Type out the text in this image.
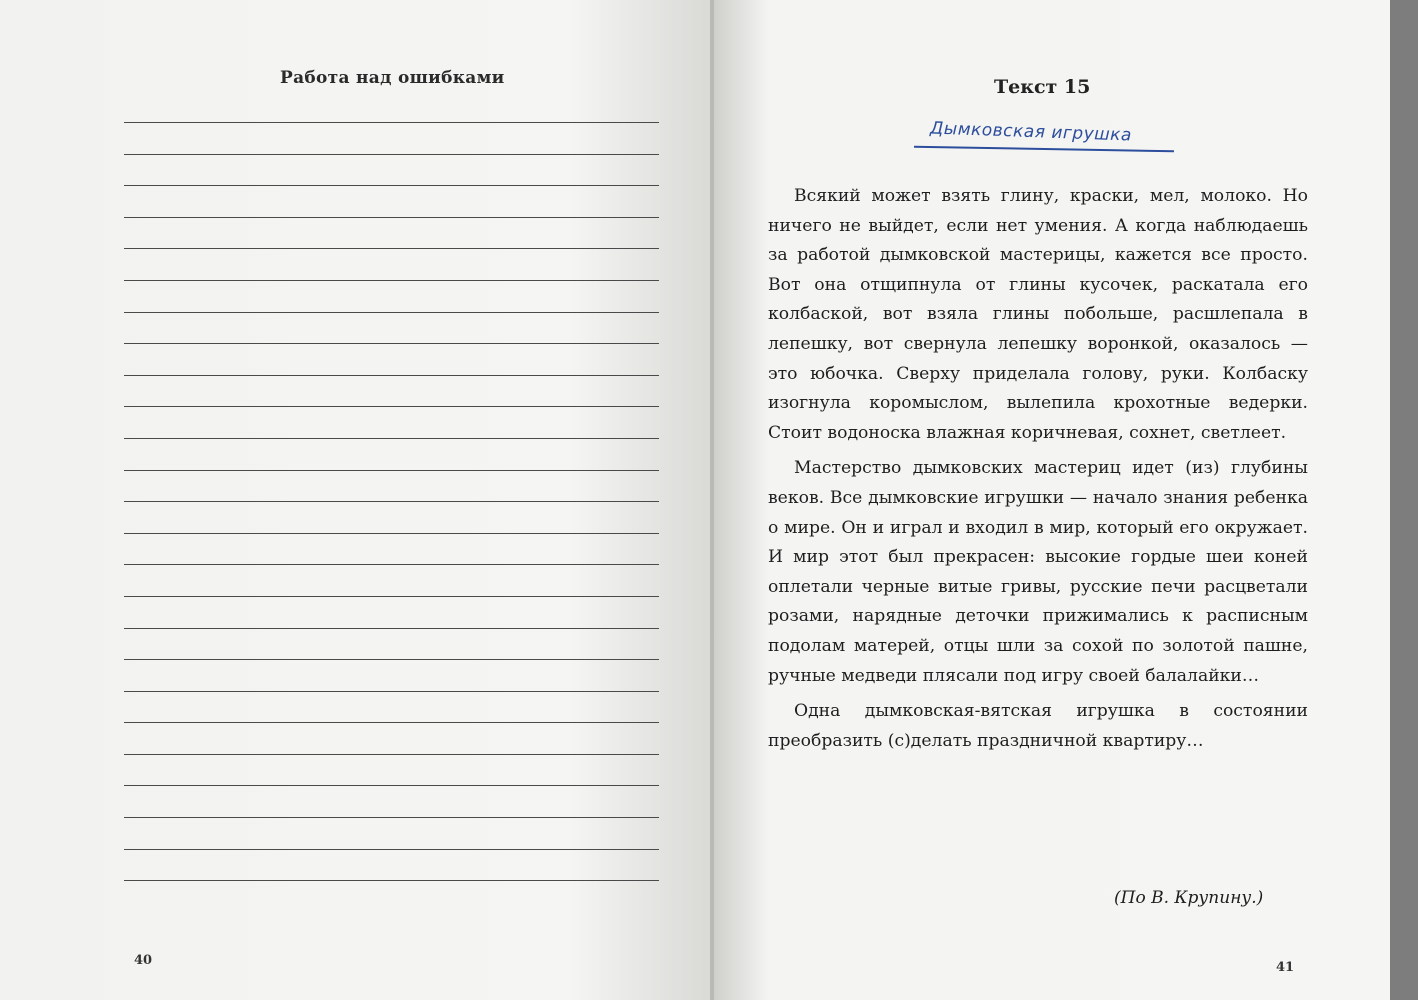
Работа над ошибками
40
Текст 15
Дымковская игрушка

Всякий может взять глину, краски, мел, молоко. Но ничего не выйдет, если нет умения. А когда наблюдаешь за работой дымковской мастерицы, кажется все просто. Вот она отщипнула от глины кусочек, раскатала его колбаской, вот взяла глины побольше, расшлепала в лепешку, вот свернула лепешку воронкой, оказалось — это юбочка. Сверху приделала голову, руки. Колбаску изогнула коромыслом, вылепила крохотные ведерки. Стоит водоноска влажная коричневая, сохнет, светлеет.

Мастерство дымковских мастериц идет (из) глубины веков. Все дымковские игрушки — начало знания ребенка о мире. Он и играл и входил в мир, который его окружает. И мир этот был прекрасен: высокие гордые шеи коней оплетали черные витые гривы, русские печи расцветали розами, нарядные деточки прижимались к расписным подолам матерей, отцы шли за сохой по золотой пашне, ручные медведи плясали под игру своей балалайки…

Одна дымковская-вятская игрушка в состоянии преобразить (с)делать праздничной квартиру…

(По В. Крупину.)
41
